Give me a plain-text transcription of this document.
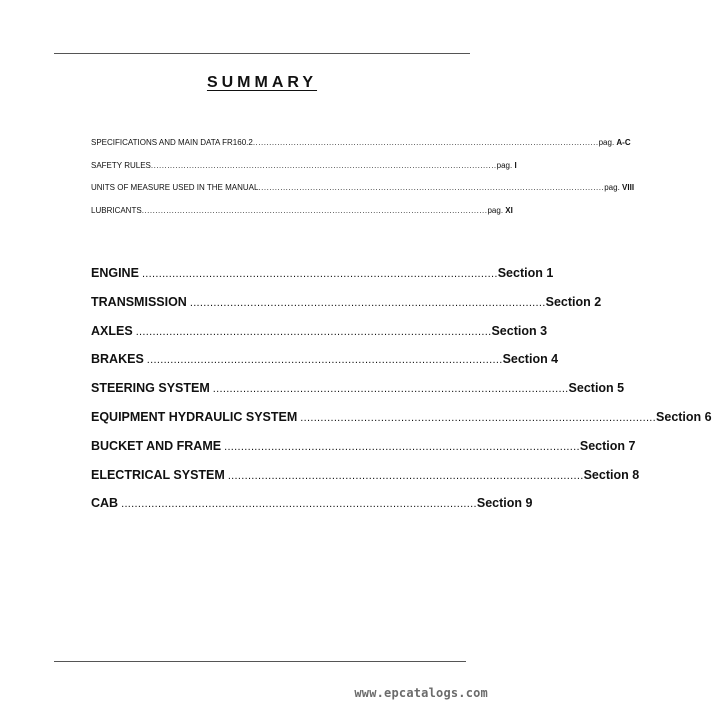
SUMMARY
SPECIFICATIONS AND MAIN DATA FR160.2 ............................................................................................................................... pag. A-C
SAFETY RULES ............................................................................................................................... pag. I
UNITS OF MEASURE USED IN THE MANUAL ............................................................................................................................... pag. VIII
LUBRICANTS ............................................................................................................................... pag. XI
ENGINE .......................................................................................................... Section 1
TRANSMISSION .......................................................................................................... Section 2
AXLES .......................................................................................................... Section 3
BRAKES .......................................................................................................... Section 4
STEERING SYSTEM .......................................................................................................... Section 5
EQUIPMENT HYDRAULIC SYSTEM .......................................................................................................... Section 6
BUCKET AND FRAME .......................................................................................................... Section 7
ELECTRICAL SYSTEM .......................................................................................................... Section 8
CAB .......................................................................................................... Section 9
www.epcatalogs.com
